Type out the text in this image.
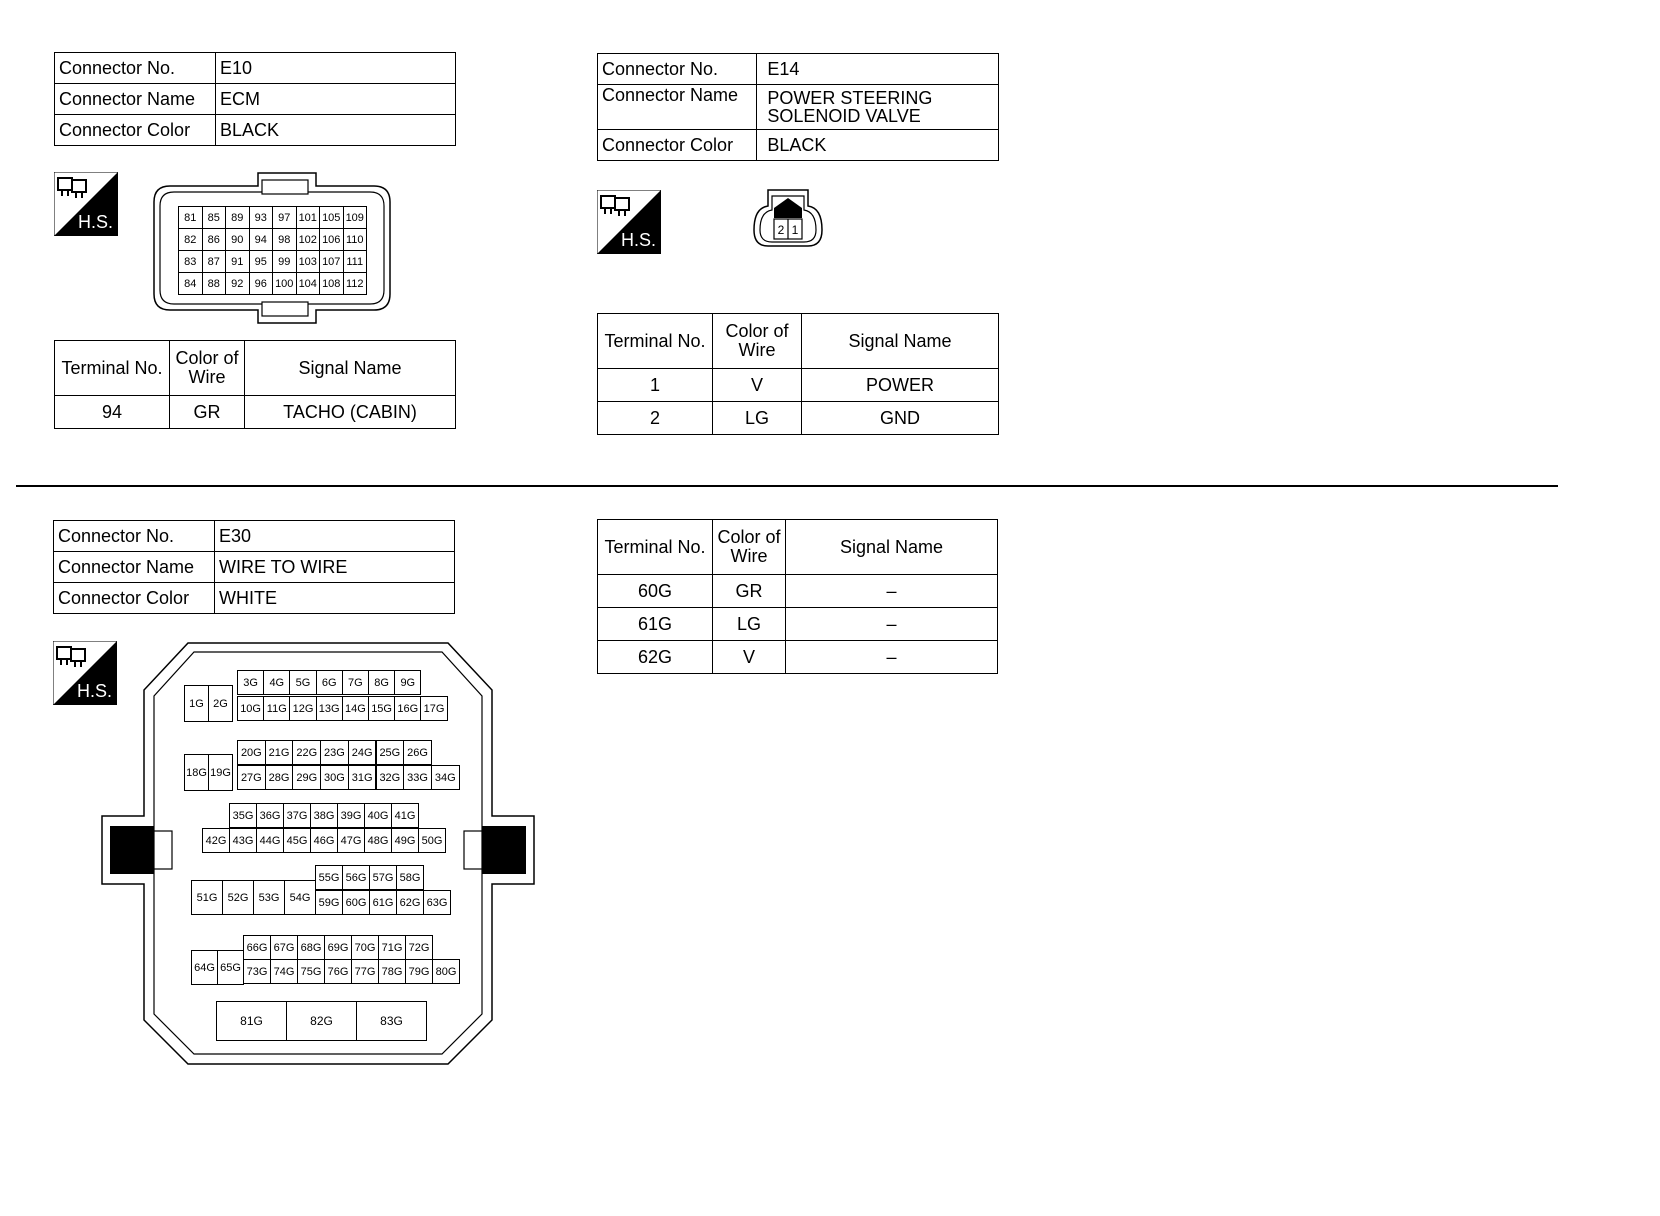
Connector No.	E10
Connector Name	ECM
Connector Color	BLACK
H.S.	81	85	89	93	97 101 105 109
82	86	90	94	98 102 106 110
83	87	91	95	99 103 107 111
84	88	92	96 100 104 108 112
Terminal No.	Color of Wire	Signal Name
94	GR	TACHO (CABIN)
Connector No.	E14
Connector Name	POWER STEERING SOLENOID VALVE
Connector Color	BLACK
H.S.	2 1
Terminal No.	Color of Wire	Signal Name
1	V	POWER
2	LG	GND
Connector No.	E30
Connector Name	WIRE TO WIRE
Connector Color	WHITE
H.S.
1G 2G
3G	4G	5G	6G	7G	8G	9G
10G 11G 12G 13G 14G 15G 16G 17G
18G 19G
20G 21G 22G 23G 24G 25G 26G
27G 28G 29G 30G 31G 32G 33G 34G
35G 36G 37G 38G 39G 40G 41G
42G 43G 44G 45G 46G 47G 48G 49G 50G
51G 52G 53G 54G
55G 56G 57G 58G
59G 60G 61G 62G 63G
64G 65G
66G 67G 68G 69G 70G 71G 72G
73G 74G 75G 76G 77G 78G 79G 80G
81G	82G	83G
Terminal No.	Color of Wire	Signal Name
60G	GR	–
61G	LG	–
62G	V	–
